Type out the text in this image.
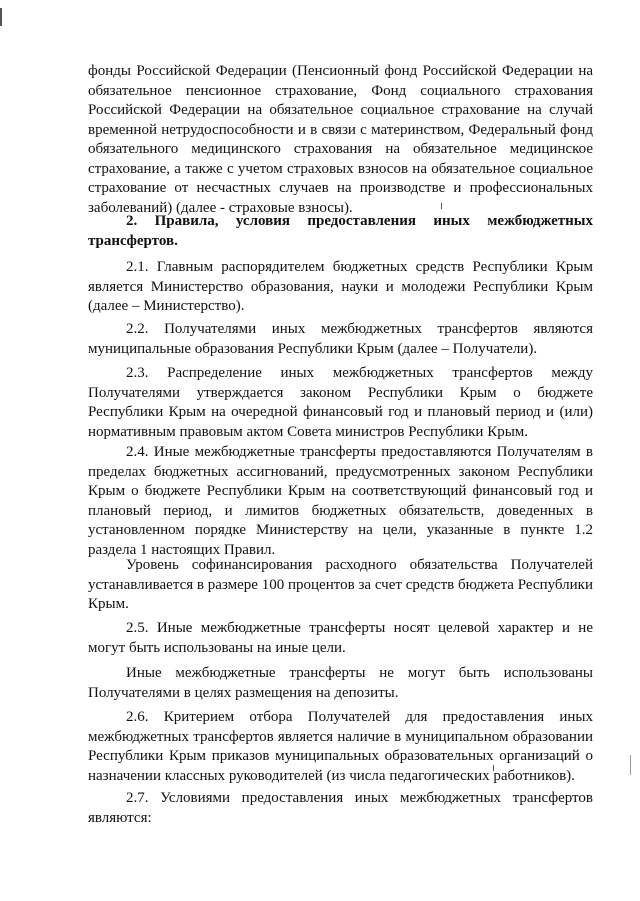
фонды Российской Федерации (Пенсионный фонд Российской Федерации на обязательное пенсионное страхование, Фонд социального страхования Российской Федерации на обязательное социальное страхование на случай временной нетрудоспособности и в связи с материнством, Федеральный фонд обязательного медицинского страхования на обязательное медицинское страхование, а также с учетом страховых взносов на обязательное социальное страхование от несчастных случаев на производстве и профессиональных заболеваний) (далее - страховые взносы).

2. Правила, условия предоставления иных межбюджетных трансфертов.

2.1. Главным распорядителем бюджетных средств Республики Крым является Министерство образования, науки и молодежи Республики Крым (далее – Министерство).

2.2. Получателями иных межбюджетных трансфертов являются муниципальные образования Республики Крым (далее – Получатели).

2.3. Распределение иных межбюджетных трансфертов между Получателями утверждается законом Республики Крым о бюджете Республики Крым на очередной финансовый год и плановый период и (или) нормативным правовым актом Совета министров Республики Крым.

2.4. Иные межбюджетные трансферты предоставляются Получателям в пределах бюджетных ассигнований, предусмотренных законом Республики Крым о бюджете Республики Крым на соответствующий финансовый год и плановый период, и лимитов бюджетных обязательств, доведенных в установленном порядке Министерству на цели, указанные в пункте 1.2 раздела 1 настоящих Правил.

Уровень софинансирования расходного обязательства Получателей устанавливается в размере 100 процентов за счет средств бюджета Республики Крым.

2.5. Иные межбюджетные трансферты носят целевой характер и не могут быть использованы на иные цели.

Иные межбюджетные трансферты не могут быть использованы Получателями в целях размещения на депозиты.

2.6. Критерием отбора Получателей для предоставления иных межбюджетных трансфертов является наличие в муниципальном образовании Республики Крым приказов муниципальных образовательных организаций о назначении классных руководителей (из числа педагогических работников).

2.7. Условиями предоставления иных межбюджетных трансфертов являются:
